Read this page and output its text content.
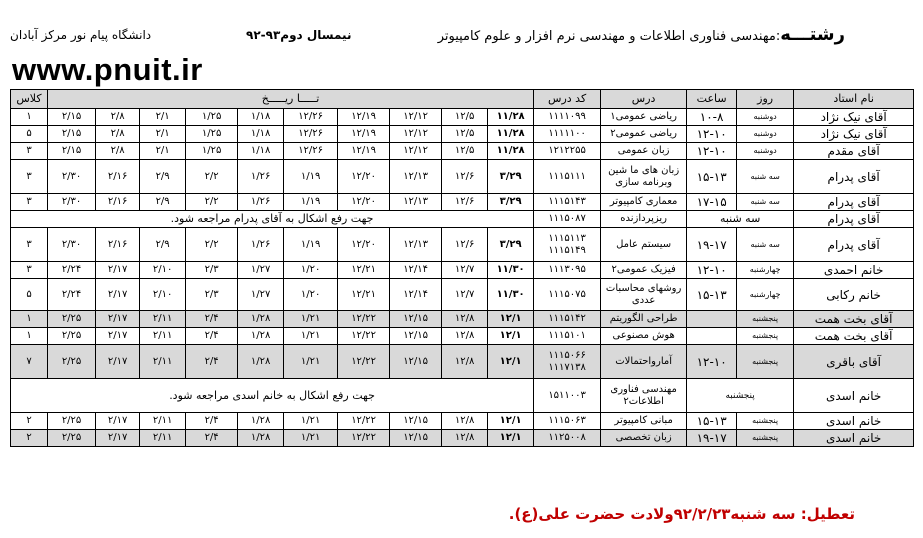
رشتـــه:مهندسی فناوری اطلاعات و مهندسی نرم افزار و علوم کامپیوتر
نیمسال دوم۹۳-۹۲
دانشگاه پیام نور مرکز آبادان
www.pnuit.ir
نام استاد	روز	ساعت	درس	کد درس	تـــــا ریـــــخ										کلاس
آقای نیک نژاد	دوشنبه	۱۰-۸	ریاضی عمومی۱	۱۱۱۱۰۹۹	۱۱/۲۸	۱۲/۵	۱۲/۱۲	۱۲/۱۹	۱۲/۲۶	۱/۱۸	۱/۲۵	۲/۱	۲/۸	۲/۱۵	۱
آقای نیک نژاد	دوشنبه	۱۲-۱۰	ریاضی عمومی۲	۱۱۱۱۱۰۰	۱۱/۲۸	۱۲/۵	۱۲/۱۲	۱۲/۱۹	۱۲/۲۶	۱/۱۸	۱/۲۵	۲/۱	۲/۸	۲/۱۵	۵
آقای مقدم	دوشنبه	۱۲-۱۰	زبان عمومی	۱۲۱۲۲۵۵	۱۱/۲۸	۱۲/۵	۱۲/۱۲	۱۲/۱۹	۱۲/۲۶	۱/۱۸	۱/۲۵	۲/۱	۲/۸	۲/۱۵	۳
آقای پدرام	سه شنبه	۱۵-۱۳	زبان های ما شین وبرنامه سازی	۱۱۱۵۱۱۱	۳/۲۹	۱۲/۶	۱۲/۱۳	۱۲/۲۰	۱/۱۹	۱/۲۶	۲/۲	۲/۹	۲/۱۶	۲/۳۰	۳
آقای پدرام	سه شنبه	۱۷-۱۵	معماری کامپیوتر	۱۱۱۵۱۴۳	۳/۲۹	۱۲/۶	۱۲/۱۳	۱۲/۲۰	۱/۱۹	۱/۲۶	۲/۲	۲/۹	۲/۱۶	۲/۳۰	۳
آقای پدرام	سه شنبه		ریزپردازنده	۱۱۱۵۰۸۷	جهت رفع اشکال به آقای پدرام مراجعه شود.										
آقای پدرام	سه شنبه	۱۹-۱۷	سیستم عامل	۱۱۱۵۱۱۳ ۱۱۱۵۱۴۹	۳/۲۹	۱۲/۶	۱۲/۱۳	۱۲/۲۰	۱/۱۹	۱/۲۶	۲/۲	۲/۹	۲/۱۶	۲/۳۰	۳
خانم احمدی	چهارشنبه	۱۲-۱۰	فیزیک عمومی۲	۱۱۱۳۰۹۵	۱۱/۳۰	۱۲/۷	۱۲/۱۴	۱۲/۲۱	۱/۲۰	۱/۲۷	۲/۳	۲/۱۰	۲/۱۷	۲/۲۴	۳
خانم رکابی	چهارشنبه	۱۵-۱۳	روشهای محاسبات عددی	۱۱۱۵۰۷۵	۱۱/۳۰	۱۲/۷	۱۲/۱۴	۱۲/۲۱	۱/۲۰	۱/۲۷	۲/۳	۲/۱۰	۲/۱۷	۲/۲۴	۵
آقای بخت همت	پنجشنبه		طراحی الگوریتم	۱۱۱۵۱۴۲	۱۲/۱	۱۲/۸	۱۲/۱۵	۱۲/۲۲	۱/۲۱	۱/۲۸	۲/۴	۲/۱۱	۲/۱۷	۲/۲۵	۱
آقای بخت همت	پنجشنبه		هوش مصنوعی	۱۱۱۵۱۰۱	۱۲/۱	۱۲/۸	۱۲/۱۵	۱۲/۲۲	۱/۲۱	۱/۲۸	۲/۴	۲/۱۱	۲/۱۷	۲/۲۵	۱
آقای باقری	پنجشنبه	۱۲-۱۰	آمارواحتمالات	۱۱۱۵۰۶۶ ۱۱۱۷۱۳۸	۱۲/۱	۱۲/۸	۱۲/۱۵	۱۲/۲۲	۱/۲۱	۱/۲۸	۲/۴	۲/۱۱	۲/۱۷	۲/۲۵	۷
خانم اسدی	پنجشنبه		مهندسی فناوری اطلاعات۲	۱۵۱۱۰۰۳	جهت رفع اشکال به خانم اسدی مراجعه شود.										
خانم اسدی	پنجشنبه	۱۵-۱۳	مبانی کامپیوتر	۱۱۱۵۰۶۳	۱۲/۱	۱۲/۸	۱۲/۱۵	۱۲/۲۲	۱/۲۱	۱/۲۸	۲/۴	۲/۱۱	۲/۱۷	۲/۲۵	۲
خانم اسدی	پنجشنبه	۱۹-۱۷	زبان تخصصی	۱۱۲۵۰۰۸	۱۲/۱	۱۲/۸	۱۲/۱۵	۱۲/۲۲	۱/۲۱	۱/۲۸	۲/۴	۲/۱۱	۲/۱۷	۲/۲۵	۲
تعطیل: سه شنبه۹۲/۲/۲۳ولادت حضرت علی(ع).
